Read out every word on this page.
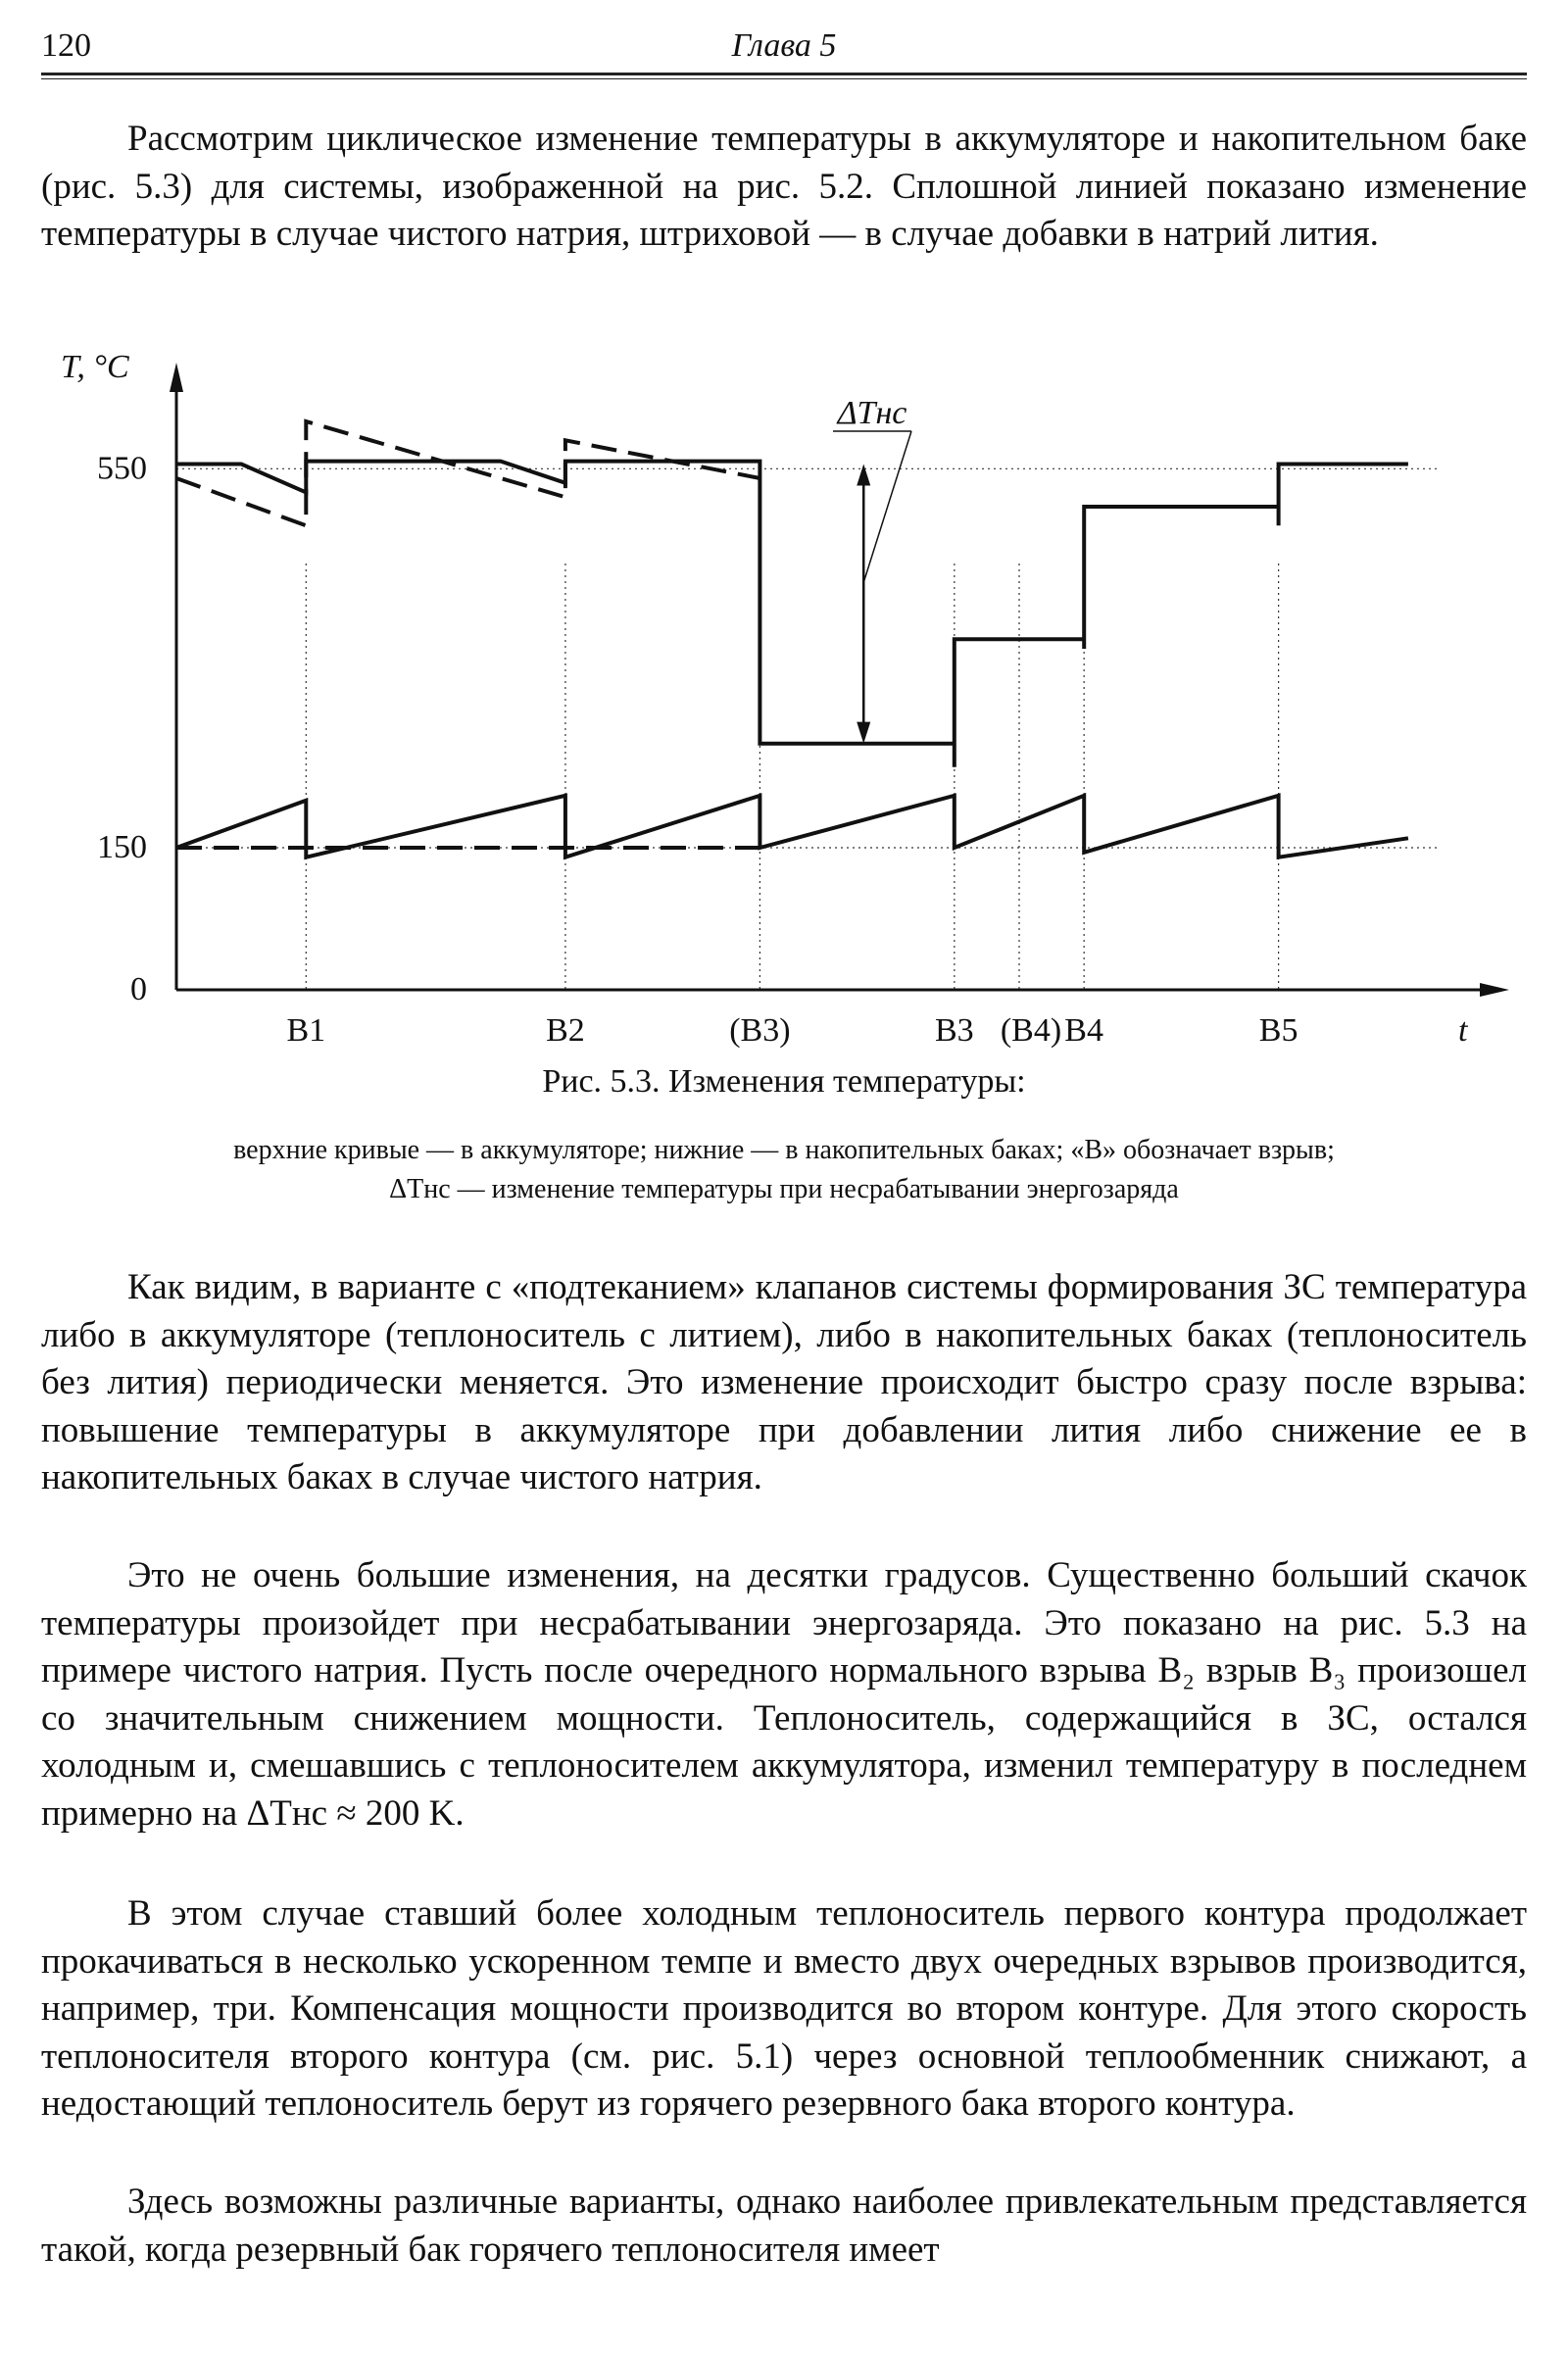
120	Глава 5

Рассмотрим циклическое изменение температуры в аккумуляторе и накопительном баке (рис. 5.3) для системы, изображенной на рис. 5.2. Сплошной линией показано изменение температуры в случае чистого натрия, штриховой — в случае добавки в натрий лития.

T, °C
550
150
0
t
B1	B2	(B3)	B3 (B4) B4	B5
ΔTнс

Рис. 5.3. Изменения температуры:

верхние кривые — в аккумуляторе; нижние — в накопительных баках; «В» обозначает взрыв;

ΔTнс — изменение температуры при несрабатывании энергозаряда

Как видим, в варианте с «подтеканием» клапанов системы формирования ЗС температура либо в аккумуляторе (теплоноситель с литием), либо в накопительных баках (теплоноситель без лития) периодически меняется. Это изменение происходит быстро сразу после взрыва: повышение температуры в аккумуляторе при добавлении лития либо снижение ее в накопительных баках в случае чистого натрия.

Это не очень большие изменения, на десятки градусов. Существенно больший скачок температуры произойдет при несрабатывании энергозаряда. Это показано на рис. 5.3 на примере чистого натрия. Пусть после очередного нормального взрыва B₂ взрыв B₃ произошел со значительным снижением мощности. Теплоноситель, содержащийся в ЗС, остался холодным и, смешавшись с теплоносителем аккумулятора, изменил температуру в последнем примерно на ΔTнс ≈ 200 K.

В этом случае ставший более холодным теплоноситель первого контура продолжает прокачиваться в несколько ускоренном темпе и вместо двух очередных взрывов производится, например, три. Компенсация мощности производится во втором контуре. Для этого скорость теплоносителя второго контура (см. рис. 5.1) через основной теплообменник снижают, а недостающий теплоноситель берут из горячего резервного бака второго контура.

Здесь возможны различные варианты, однако наиболее привлекательным представляется такой, когда резервный бак горячего теплоносителя имеет
